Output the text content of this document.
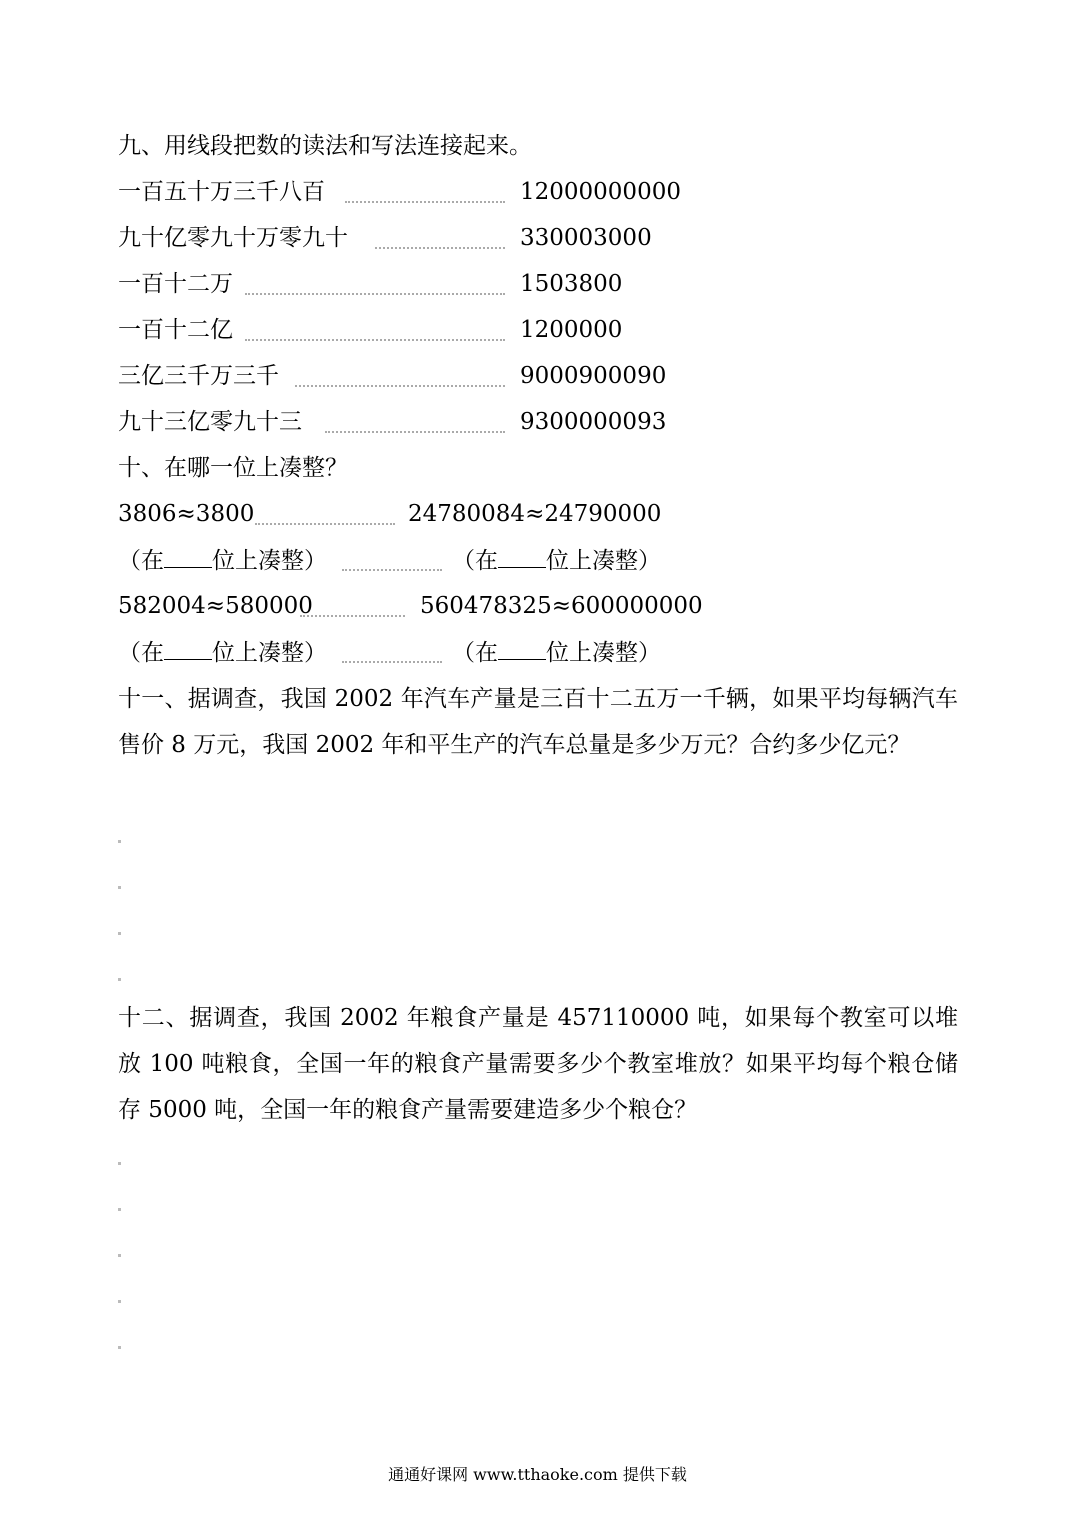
九、用线段把数的读法和写法连接起来。
一百五十万三千八百	12000000000
九十亿零九十万零九十	330003000
一百十二万	1503800
一百十二亿	1200000
三亿三千万三千	9000900090
九十三亿零九十三	9300000093
十、在哪一位上凑整？
3806≈3800	24780084≈24790000
（在 位上凑整）	（在 位上凑整）
582004≈580000	560478325≈600000000
（在 位上凑整）	（在 位上凑整）
十一、据调查，我国 2002 年汽车产量是三百十二五万一千辆，如果平均每辆汽车售价 8 万元，我国 2002 年和平生产的汽车总量是多少万元？合约多少亿元？
十二、据调查，我国 2002 年粮食产量是 457110000 吨，如果每个教室可以堆放 100 吨粮食，全国一年的粮食产量需要多少个教室堆放？如果平均每个粮仓储存 5000 吨，全国一年的粮食产量需要建造多少个粮仓？
通通好课网 www.tthaoke.com 提供下载
